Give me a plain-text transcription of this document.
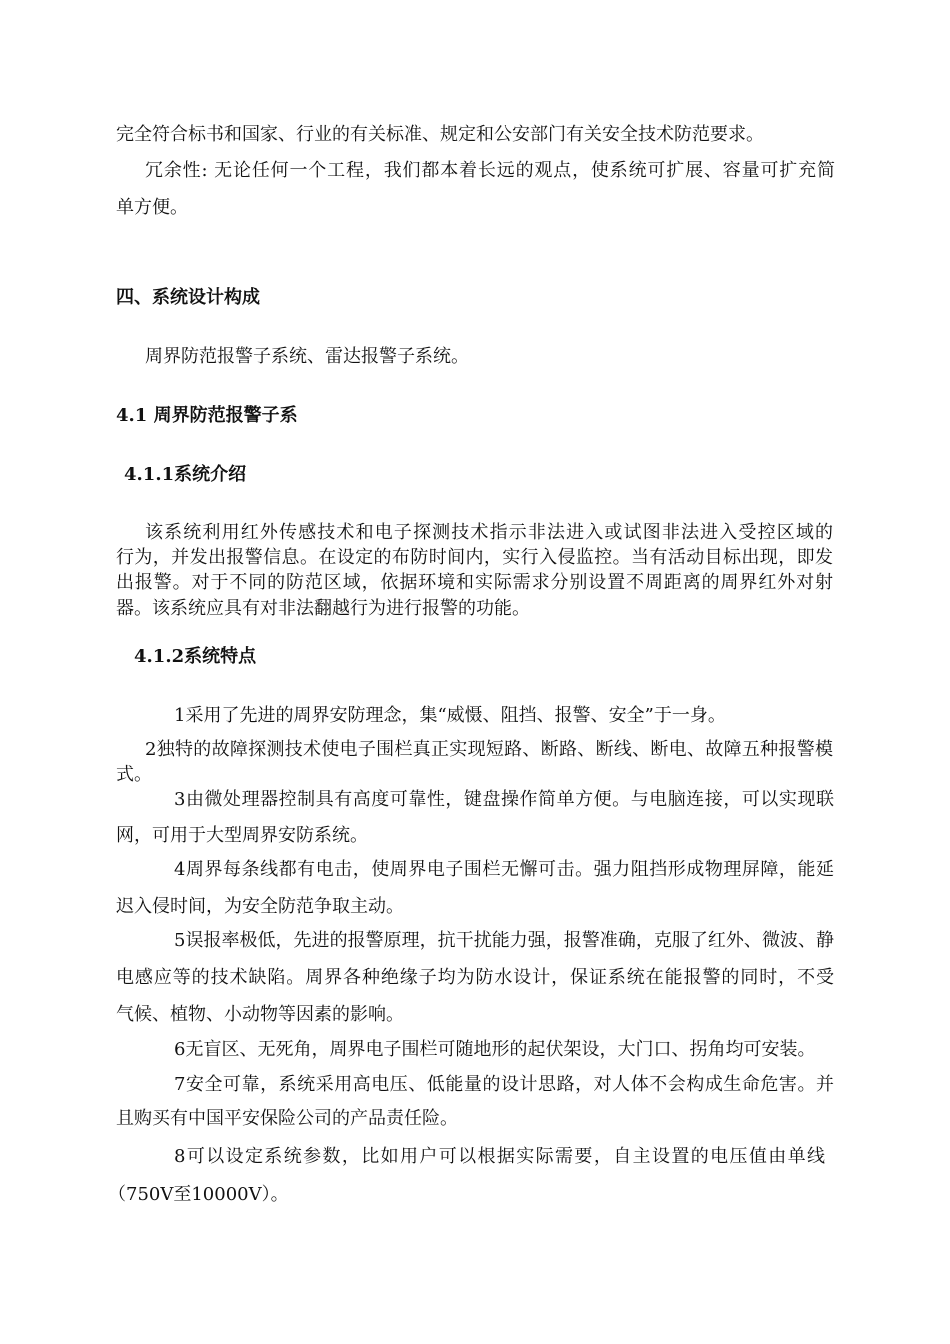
完全符合标书和国家、行业的有关标准、规定和公安部门有关安全技术防范要求。
冗余性: 无论任何一个工程，我们都本着长远的观点，使系统可扩展、容量可扩充简
单方便。
四、系统设计构成
周界防范报警子系统、雷达报警子系统。
4.1 周界防范报警子系
4.1.1系统介绍
该系统利用红外传感技术和电子探测技术指示非法进入或试图非法进入受控区域的
行为，并发出报警信息。在设定的布防时间内，实行入侵监控。当有活动目标出现，即发
出报警。对于不同的防范区域，依据环境和实际需求分别设置不周距离的周界红外对射
器。该系统应具有对非法翻越行为进行报警的功能。
4.1.2系统特点
1采用了先进的周界安防理念，集“威慑、阻挡、报警、安全”于一身。
2独特的故障探测技术使电子围栏真正实现短路、断路、断线、断电、故障五种报警模
式。
3由微处理器控制具有高度可靠性，键盘操作简单方便。与电脑连接，可以实现联
网，可用于大型周界安防系统。
4周界每条线都有电击，使周界电子围栏无懈可击。强力阻挡形成物理屏障，能延
迟入侵时间，为安全防范争取主动。
5误报率极低，先进的报警原理，抗干扰能力强，报警准确，克服了红外、微波、静
电感应等的技术缺陷。周界各种绝缘子均为防水设计，保证系统在能报警的同时，不受
气候、植物、小动物等因素的影响。
6无盲区、无死角，周界电子围栏可随地形的起伏架设，大门口、拐角均可安装。
7安全可靠，系统采用高电压、低能量的设计思路，对人体不会构成生命危害。并
且购买有中国平安保险公司的产品责任险。
8可以设定系统参数，比如用户可以根据实际需要，自主设置的电压值由单线
（750V至10000V）。
